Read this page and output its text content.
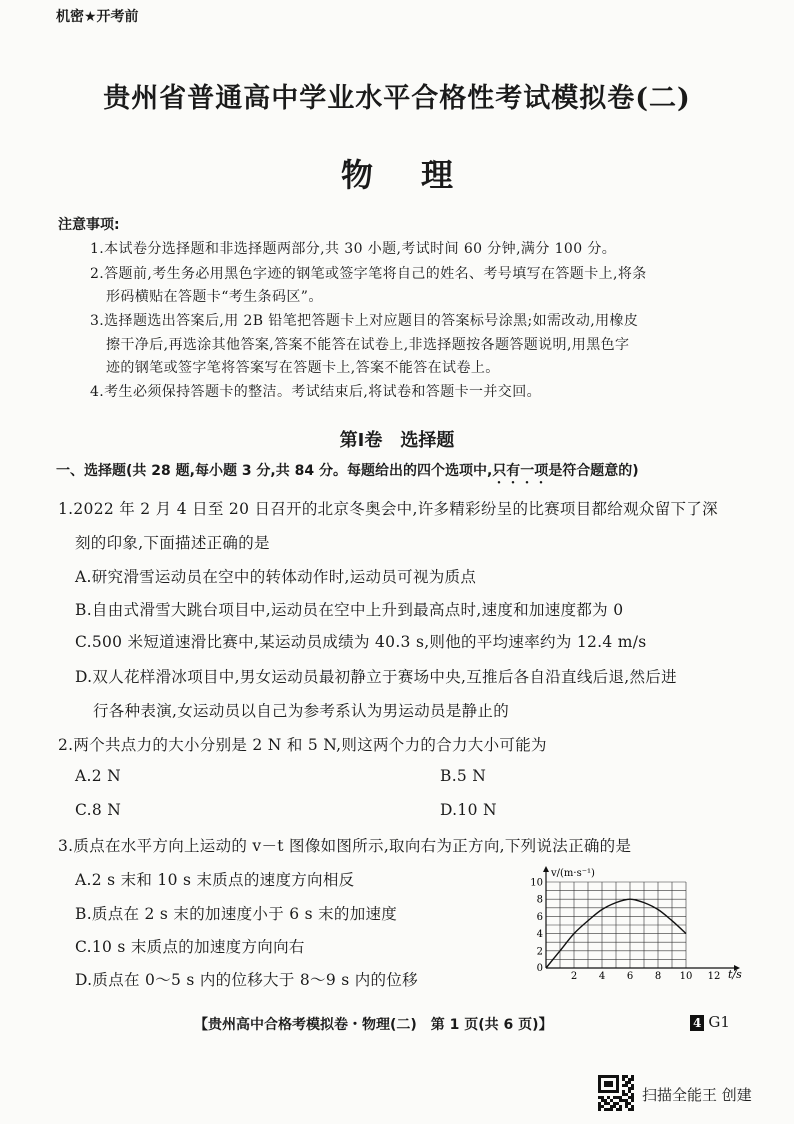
机密★开考前
贵州省普通高中学业水平合格性考试模拟卷(二)
物理
注意事项:
1.本试卷分选择题和非选择题两部分,共 30 小题,考试时间 60 分钟,满分 100 分。
2.答题前,考生务必用黑色字迹的钢笔或签字笔将自己的姓名、考号填写在答题卡上,将条
形码横贴在答题卡“考生条码区”。
3.选择题选出答案后,用 2B 铅笔把答题卡上对应题目的答案标号涂黑;如需改动,用橡皮
擦干净后,再选涂其他答案,答案不能答在试卷上,非选择题按各题答题说明,用黑色字
迹的钢笔或签字笔将答案写在答题卡上,答案不能答在试卷上。
4.考生必须保持答题卡的整洁。考试结束后,将试卷和答题卡一并交回。
第Ⅰ卷　选择题
一、选择题(共 28 题,每小题 3 分,共 84 分。每题给出的四个选项中,只有一项是符合题意的)
1.2022 年 2 月 4 日至 20 日召开的北京冬奥会中,许多精彩纷呈的比赛项目都给观众留下了深
刻的印象,下面描述正确的是
A.研究滑雪运动员在空中的转体动作时,运动员可视为质点
B.自由式滑雪大跳台项目中,运动员在空中上升到最高点时,速度和加速度都为 0
C.500 米短道速滑比赛中,某运动员成绩为 40.3 s,则他的平均速率约为 12.4 m/s
D.双人花样滑冰项目中,男女运动员最初静立于赛场中央,互推后各自沿直线后退,然后进
行各种表演,女运动员以自己为参考系认为男运动员是静止的
2.两个共点力的大小分别是 2 N 和 5 N,则这两个力的合力大小可能为
A.2 N	B.5 N
C.8 N	D.10 N
3.质点在水平方向上运动的 v－t 图像如图所示,取向右为正方向,下列说法正确的是
A.2 s 末和 10 s 末质点的速度方向相反
B.质点在 2 s 末的加速度小于 6 s 末的加速度
C.10 s 末质点的加速度方向向右
D.质点在 0～5 s 内的位移大于 8～9 s 内的位移
v/(m·s⁻¹)
t/s
2 4 6 8 10 12
0
2
4
6
8
10
【贵州高中合格考模拟卷・物理(二)　第 1 页(共 6 页)】	4 G1
扫描全能王 创建
